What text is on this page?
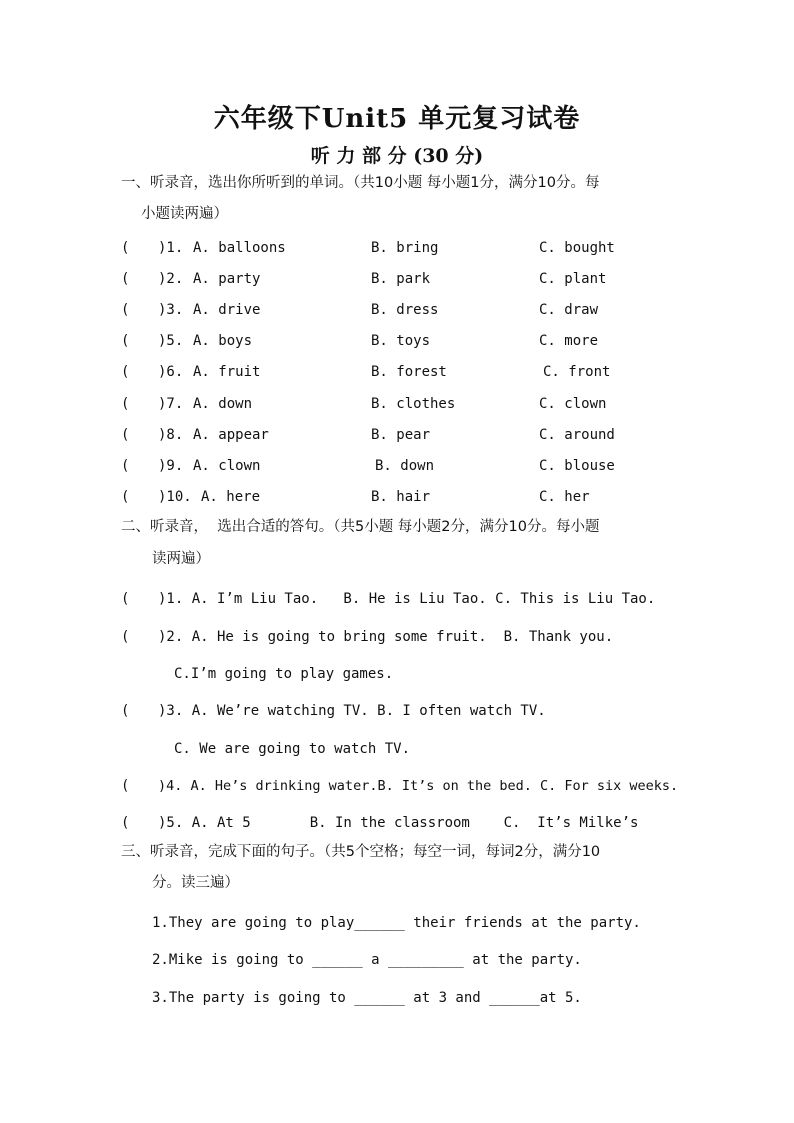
六年级下Unit5 单元复习试卷
听 力 部 分 (30 分)
一、听录音，选出你所听到的单词。（共10小题 每小题1分，满分10分。每
小题读两遍）
( )1. A. balloons	B. bring	C. bought
( )2. A. party	B. park	C. plant
( )3. A. drive	B. dress	C. draw
( )5. A. boys	B. toys	C. more
( )6. A. fruit	B. forest	C. front
( )7. A. down	B. clothes	C. clown
( )8. A. appear	B. pear	C. around
( )9. A. clown	B. down	C. blouse
( )10. A. here	B. hair	C. her
二、听录音，  选出合适的答句。（共5小题 每小题2分，满分10分。每小题
读两遍）
( )1. A. I’m Liu Tao.   B. He is Liu Tao. C. This is Liu Tao.
( )2. A. He is going to bring some fruit.  B. Thank you.
C.I’m going to play games.
( )3. A. We’re watching TV. B. I often watch TV.
C. We are going to watch TV.
( )4. A. He’s drinking water.B. It’s on the bed. C. For six weeks.
( )5. A. At 5       B. In the classroom    C.  It’s Milke’s
三、听录音，完成下面的句子。（共5个空格；每空一词，每词2分，满分10
分。读三遍）
1.They are going to play______ their friends at the party.
2.Mike is going to ______ a _________ at the party.
3.The party is going to ______ at 3 and ______at 5.
